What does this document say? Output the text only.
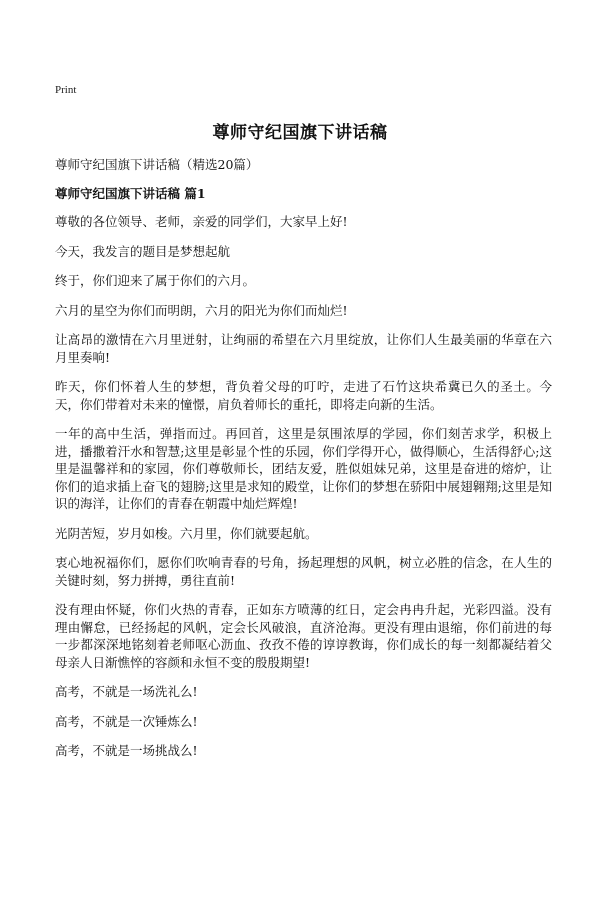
Print
尊师守纪国旗下讲话稿
尊师守纪国旗下讲话稿（精选20篇）
尊师守纪国旗下讲话稿 篇1

尊敬的各位领导、老师，亲爱的同学们，大家早上好!

今天，我发言的题目是梦想起航

终于，你们迎来了属于你们的六月。

六月的星空为你们而明朗，六月的阳光为你们而灿烂!

让高昂的激情在六月里迸射，让绚丽的希望在六月里绽放，让你们人生最美丽的华章在六月里奏响!

昨天，你们怀着人生的梦想，背负着父母的叮咛，走进了石竹这块希冀已久的圣土。今天，你们带着对未来的憧憬，肩负着师长的重托，即将走向新的生活。

一年的高中生活，弹指而过。再回首，这里是氛围浓厚的学园，你们刻苦求学，积极上进，播撒着汗水和智慧;这里是彰显个性的乐园，你们学得开心，做得顺心，生活得舒心;这里是温馨祥和的家园，你们尊敬师长，团结友爱，胜似姐妹兄弟，这里是奋进的熔炉，让你们的追求插上奋飞的翅膀;这里是求知的殿堂，让你们的梦想在骄阳中展翅翱翔;这里是知识的海洋，让你们的青春在朝霞中灿烂辉煌!

光阴苦短，岁月如梭。六月里，你们就要起航。

衷心地祝福你们，愿你们吹响青春的号角，扬起理想的风帆，树立必胜的信念，在人生的关键时刻，努力拼搏，勇往直前!

没有理由怀疑，你们火热的青春，正如东方喷薄的红日，定会冉冉升起，光彩四溢。没有理由懈怠，已经扬起的风帆，定会长风破浪，直济沧海。更没有理由退缩，你们前进的每一步都深深地铭刻着老师呕心沥血、孜孜不倦的谆谆教诲，你们成长的每一刻都凝结着父母亲人日渐憔悴的容颜和永恒不变的殷殷期望!

高考，不就是一场洗礼么!

高考，不就是一次锤炼么!

高考，不就是一场挑战么!
